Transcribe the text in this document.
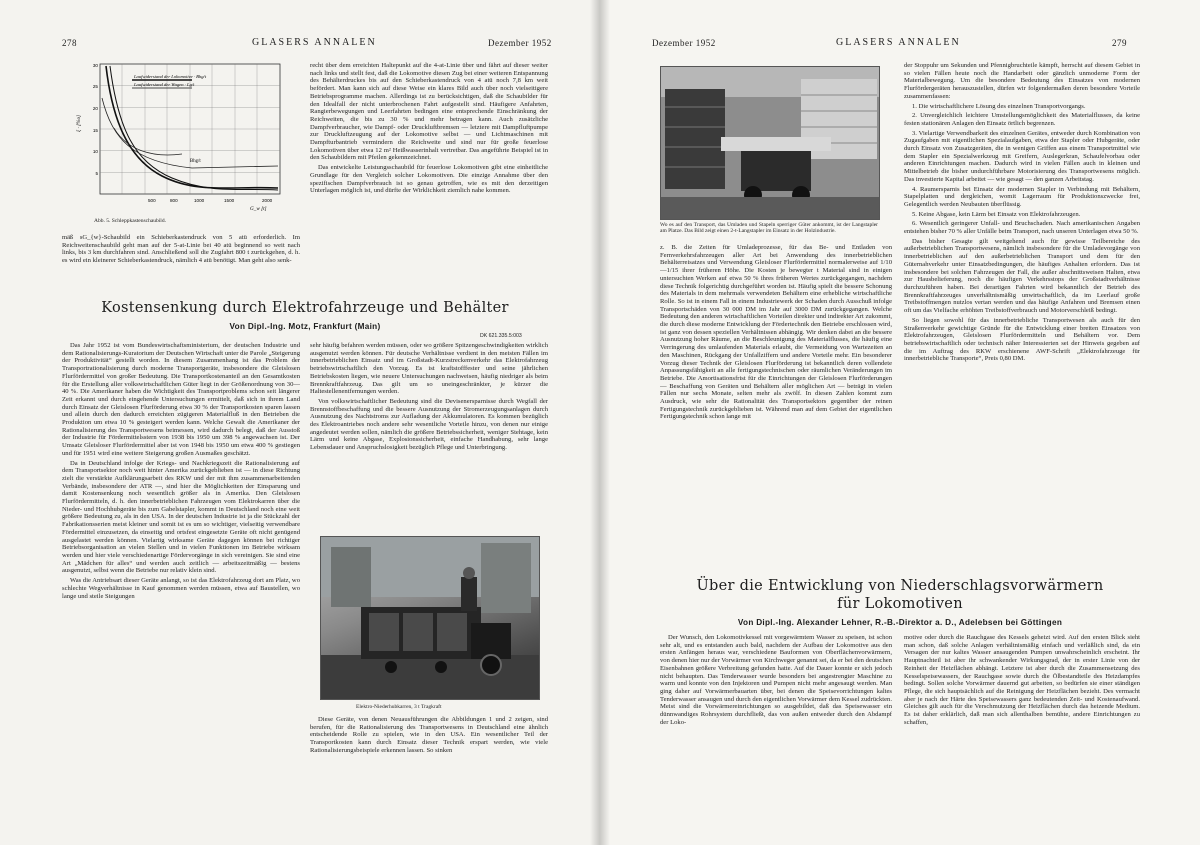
278	GLASERS ANNALEN	Dezember 1952
Laufwiderstand der Lokomotive · Bhg/t
Laufwiderstand der Wagen · Lg/t
Bhg/t
ξ · [%o]
G_w [t]
500	800	1000	1500	2000
30
25
20
15
10
5
Abb. 5. Schleppkastenschaubild.

mäß sG_{w}-Schaubild ein Schieberkastendruck von 5 atü erforderlich. Im Reichweitenschaubild geht man auf der 5-at-Linie bei 40 atü beginnend so weit nach links, bis 3 km durchfahren sind. Anschließend soll die Zugfahrt 800 t zurückgehen, d. h. es wird ein kleinerer Schieberkastendruck, nämlich 4 atü benötigt. Man geht also senk-

recht über dem erreichten Haltepunkt auf die 4-at-Linie über und fährt auf dieser weiter nach links und stellt fest, daß die Lokomotive diesen Zug bei einer weiteren Entspannung des Behälterdruckes bis auf den Schieberkastendruck von 4 atü noch 7,8 km weit befördert. Man kann sich auf diese Weise ein klares Bild auch über noch vielseitigere Betriebsprogramme machen. Allerdings ist zu berücksichtigen, daß die Schaubilder für den Idealfall der nicht unterbrochenen Fahrt aufgestellt sind. Häufigere Anfahrten, Rangierbewegungen und Leerfahrten bedingen eine entsprechende Einschränkung der Reichweiten, die bis zu 30 % und mehr betragen kann. Auch zusätzliche Dampfverbraucher, wie Dampf- oder Druckluftbremsen — letztere mit Dampfluftpumpe zur Druckluftzeugung auf der Lokomotive selbst — und Lichtmaschinen mit Dampfturbantrieb vermindern die Reichweite und sind nur für große feuerlose Lokomotiven über etwa 12 m² Heißwasserinhalt vertretbar. Das angeführte Beispiel ist in den Schaubildern mit Pfeilen gekennzeichnet.

Das entwickelte Leistungsschaubild für feuerlose Lokomotiven gibt eine einheitliche Grundlage für den Vergleich solcher Lokomotiven. Die einzige Annahme über den spezifischen Dampfverbrauch ist so genau getroffen, wie es mit den derzeitigen Unterlagen möglich ist, und dürfte der Wirklichkeit ziemlich nahe kommen.

Kostensenkung durch Elektrofahrzeuge und Behälter
Von Dipl.-Ing. Motz, Frankfurt (Main)
DK 621.335.5:003

Das Jahr 1952 ist vom Bundeswirtschaftsministerium, der deutschen Industrie und dem Rationalisierungs-Kuratorium der Deutschen Wirtschaft unter die Parole „Steigerung der Produktivität“ gestellt worden. In diesem Zusammenhang ist das Problem der Transportrationalisierung durch moderne Transportgeräte, insbesondere die Gleislosen Flurfördermittel von großer Bedeutung. Die Transportkostenanteil an den Gesamtkosten für die Erstellung aller volkswirtschaftlichen Güter liegt in der Größenordnung von 30—40 %. Die Amerikaner haben die Wichtigkeit des Transportproblems schon seit längerer Zeit erkannt und durch eingehende Untersuchungen ermittelt, daß sich in ihrem Land durch Einsatz der Gleislosen Flurförderung etwa 30 % der Transportkosten sparen lassen und allein durch den dadurch erreichten zügigeren Materialfluß in den Betrieben die Produktion um etwa 10 % gesteigert werden kann. Welche Gewalt die Amerikaner der Rationalisierung des Transportwesens beimessen, wird dadurch belegt, daß der Ausstoß der Industrie für Fördermittelsstern von 1938 bis 1950 um 398 % angewachsen ist. Der Umsatz Gleisloser Flurfördermittel aber ist von 1948 bis 1950 um etwa 400 % gestiegen und für 1951 wird eine weitere Steigerung großen Ausmaßes geschätzt.

Da in Deutschland infolge der Kriegs- und Nachkriegszeit die Rationalisierung auf dem Transportsektor noch weit hinter Amerika zurückgeblieben ist — in diese Richtung zielt die verstärkte Aufklärungsarbeit des RKW und der mit ihm zusammenarbeitenden Verbände, insbesondere der ATR —, sind hier die Möglichkeiten der Einsparung und damit Kostensenkung noch wesentlich größer als in Amerika. Den Gleislosen Flurfördermitteln, d. h. den innerbetrieblichen Fahrzeugen vom Elektrokarren über die Nieder- und Hochhubgeräte bis zum Gabelstapler, kommt in Deutschland noch eine weit größere Bedeutung zu, als in den USA. In der deutschen Industrie ist ja die Stückzahl der Fabrikationsserien meist kleiner und somit ist es um so wichtiger, vielseitig verwendbare Fördermittel einzusetzen, da einseitig und ortsfest eingesetzte Geräte oft nicht genügend ausgelastet werden können. Vielartig wirksame Geräte dagegen können bei richtiger Betriebsorganisation an vielen Stellen und in vielen Funktionen im Betriebe wirksam werden und hier viele verschiedenartige Fördervorgänge in sich vereinigen. Sie sind eine Art „Mädchen für alles“ und werden auch zeitlich — arbeitszeitmäßig — bestens ausgenutzt, selbst wenn die Betriebe nur relativ klein sind.

Was die Antriebsart dieser Geräte anlangt, so ist das Elektrofahrzeug dort am Platz, wo schlechte Wegverhältnisse in Kauf genommen werden müssen, etwa auf Baustellen, wo lange und steile Steigungen

sehr häufig befahren werden müssen, oder wo größere Spitzengeschwindigkeiten wirklich ausgenutzt werden können. Für deutsche Verhältnisse verdient in den meisten Fällen im innerbetrieblichen Einsatz und im Großstadt-Kurzstreckenverkehr das Elektrofahrzeug betriebswirtschaftlich den Vorzug. Es ist kraftstofffester und seine jährlichen Betriebskosten liegen, wie neuere Untersuchungen nachweisen, häufig niedriger als beim Brennkraftfahrzeug. Das gilt um so uneingeschränkter, je kürzer die Haltestellenentfernungen werden.

Von volkswirtschaftlicher Bedeutung sind die Devisenersparnisse durch Wegfall der Brennstoffbeschaffung und die bessere Ausnutzung der Stromerzeugungsanlagen durch Ausnutzung des Nachtstroms zur Aufladung der Akkumulatoren. Es kommen bezüglich des Elektroantriebes noch andere sehr wesentliche Vorteile hinzu, von denen nur einige angedeutet werden sollen, nämlich die größere Betriebssicherheit, weniger Stehtage, kein Lärm und keine Abgase, Explosionssicherheit, einfache Handhabung, sehr lange Lebensdauer und Anspruchslosigkeit bezüglich Pflege und Unterbringung.

Elektro-Niederhubkarren, 3 t Tragkraft

Diese Geräte, von denen Neuausführungen die Abbildungen 1 und 2 zeigen, sind berufen, für die Rationalisierung des Transportwesens in Deutschland eine ähnlich entscheidende Rolle zu spielen, wie in den USA. Ein wesentlicher Teil der Transportkosten kann durch Einsatz dieser Technik erspart werden, wie viele Rationalisierungsbeispiele erkennen lassen. So sinken

Dezember 1952	GLASERS ANNALEN	279
Wo es auf den Transport, das Umladen und Stapeln sperriger Güter ankommt, ist der Langstapler am Platze. Das Bild zeigt einen 2-t-Langstapler im Einsatz in der Holzindustrie.

z. B. die Zeiten für Umladeprozesse, für das Be- und Entladen von Fernverkehrsfahrzeugen aller Art bei Anwendung des innerbetrieblichen Behälterreisatzes und Verwendung Gleisloser Flurfördermittel normalerweise auf 1/10—1/15 ihrer früheren Höhe. Die Kosten je bewegter t Material sind in einigen untersuchten Werken auf etwa 50 % ihres früheren Wertes zurückgegangen, nachdem diese Technik folgerichtig durchgeführt worden ist. Häufig spielt die bessere Schonung des Materials in dem mehrmals verwendeten Behältern eine erhebliche wirtschaftliche Rolle. So ist in einem Fall in einem Industriewerk der Schaden durch Ausschuß infolge Transportschäden von 30 000 DM im Jahr auf 3000 DM zurückgegangen. Welche Bedeutung den anderen wirtschaftlichen Vorteilen direkter und indirekter Art zukommt, die durch diese moderne Entwicklung der Fördertechnik den Betriebe erschlossen wird, ist ganz von dessen speziellen Verhältnissen abhängig. Wir denken dabei an die bessere Ausnutzung hoher Räume, an die Beschleunigung des Materialflusses, die häufig eine Verringerung des umlaufenden Materials erlaubt, die Vermeidung von Wartezeiten an den Maschinen, Rückgang der Unfallziffern und andere Vorteile mehr. Ein besonderer Vorzug dieser Technik der Gleislosen Flurförderung ist bekanntlich deren vollendete Anpassungsfähigkeit an alle fertigungstechnischen oder räumlichen Veränderungen im Betriebe. Die Amortisationsfrist für die Einrichtungen der Gleislosen Flurförderungen — Beschaffung von Geräten und Behältern aller möglichen Art — beträgt in vielen Fällen nur sechs Monate, selten mehr als zwölf. In diesen Zahlen kommt zum Ausdruck, wie sehr die Rationalität des Transportsektors gegenüber der reinen Fertigungstechnik zurückgeblieben ist. Während man auf dem Gebiet der eigentlichen Fertigungstechnik schon lange mit

der Stoppuhr um Sekunden und Pfennigbruchteile kämpft, herrscht auf diesem Gebiet in so vielen Fällen heute noch die Handarbeit oder gänzlich unmoderne Form der Materialbewegung. Um die besondere Bedeutung des Einsatzes von modernen Flurfördergeräten herauszustellen, dürfen wir folgendermaßen deren besondere Vorteile zusammenfassen:

1. Die wirtschaftlichere Lösung des einzelnen Transportvorgangs.

2. Unvergleichlich leichtere Umstellungsmöglichkeit des Materialflusses, da keine festen stationären Anlagen den Einsatz örtlich begrenzen.

3. Vielartige Verwendbarkeit des einzelnen Gerätes, entweder durch Kombination von Zugaufgaben mit eigentlichen Spezialaufgaben, etwa der Stapler oder Hubgeräte, oder durch Einsatz von Zusatzgeräten, die in wenigen Griffen aus einem Transportmittel wie dem Stapler ein Spezialwerkzeug mit Greifern, Auslegerkran, Schaufelvorbau oder anderen Einrichtungen machen. Dadurch wird in vielen Fällen auch in kleinen und Mittelbetrieb die bisher undurchführbare Motorisierung des Transportwesens möglich. Das investierte Kapital arbeitet — wie gesagt — den ganzen Arbeitstag.

4. Raumersparnis bei Einsatz der modernen Stapler in Verbindung mit Behältern, Stapelplatten und dergleichen, womit Lagerraum für Produktionszwecke frei, Gelegentlich werden Neubauten überflüssig.

5. Keine Abgase, kein Lärm bei Einsatz von Elektrofahrzeugen.

6. Wesentlich geringerer Unfall- und Bruchschaden. Nach amerikanischen Angaben entstehen bisher 70 % aller Unfälle beim Transport, nach unseren Unterlagen etwa 50 %.

Das bisher Gesagte gilt weitgehend auch für gewisse Teilbereiche des außerbetrieblichen Transportwesens, nämlich insbesondere für die Umladevorgänge von innerbetrieblichen auf den außerbetrieblichen Transport und dem für den Güternahverkehr unter Einsatzbedingungen, die häufiges Anhalten erfordern. Das ist insbesondere bei solchen Fahrzeugen der Fall, die außer abschnittsweisen Halten, etwa zur Hausbelieferung, noch die häufigen Verkehrsstops der Großstadtverhältnisse durchzuführen haben. Bei derartigen Fahrten wird bekanntlich der Betrieb des Brennkraftfahrzeuges unverhältnismäßig unwirtschaftlich, da im Leerlauf große Treibstoffmengen nutzlos vertan werden und das häufige Anfahren und Bremsen einen oft um das Vielfache erhöhten Treibstoffverbrauch und Motorverschleiß bedingt.

So liegen sowohl für das innerbetriebliche Transportwesen als auch für den Straßenverkehr gewichtige Gründe für die Entwicklung einer breiten Einsatzes von Elektrofahrzeugen, Gleislosen Flurfördermitteln und Behältern vor. Dem betriebswirtschaftlich oder technisch näher Interessierten sei der Hinweis gegeben auf die im Auftrag des RKW erschienene AWF-Schrift „Elektrofahrzeuge für innerbetriebliche Transporte“, Preis 0,80 DM.

Über die Entwicklung von Niederschlagsvorwärmern
für Lokomotiven
Von Dipl.-Ing. Alexander Lehner, R.-B.-Direktor a. D., Adelebsen bei Göttingen

Der Wunsch, den Lokomotivkessel mit vorgewärmtem Wasser zu speisen, ist schon sehr alt, und es entstanden auch bald, nachdem der Aufbau der Lokomotive aus den ersten Anfängen heraus war, verschiedene Bauformen von Oberflächenvorwärmern, von denen hier nur der Vorwärmer von Kirchweger genannt sei, da er bei den deutschen Eisenbahnen größere Verbreitung gefunden hatte. Auf die Dauer konnte er sich jedoch nicht behaupten. Das Tenderwasser wurde besonders bei angestrengter Maschine zu warm und konnte von den Injektoren und Pumpen nicht mehr angesaugt werden. Man ging daher auf Vorwärmerbauarten über, bei denen die Speisevorrichtungen kaltes Tenderwasser ansaugen und durch den eigentlichen Vorwärmer dem Kessel zudrückten. Meist sind die Vorwärmereinrichtungen so ausgebildet, daß das Speisewasser ein dünnwandiges Rohrsystem durchfließt, das von außen entweder durch den Abdampf der Loko-

motive oder durch die Rauchgase des Kessels geheizt wird. Auf den ersten Blick sieht man schon, daß solche Anlagen verhältnismäßig einfach und verläßlich sind, da ein Versagen der nur kaltes Wasser ansaugenden Pumpen unwahrscheinlich erscheint. Ihr Hauptnachteil ist aber ihr schwankender Wirkungsgrad, der in erster Linie von der Reinheit der Heizflächen abhängt. Letztere ist aber durch die Zusammensetzung des Kesselspeisewassers, der Rauchgase sowie durch die Ölbestandteile des Heizdampfes bedingt. Sollen solche Vorwärmer dauernd gut arbeiten, so bedürfen sie einer ständigen Pflege, die sich hauptsächlich auf die Reinigung der Heizflächen bezieht. Des vermacht aber je nach der Härte des Speisewassers ganz bedeutenden Zeit- und Kostenaufwand. Gleiches gilt auch für die Verschmutzung der Heizflächen durch das heizende Medium. Es ist daher erklärlich, daß man sich allenthalben bemühte, andere Einrichtungen zu schaffen,
